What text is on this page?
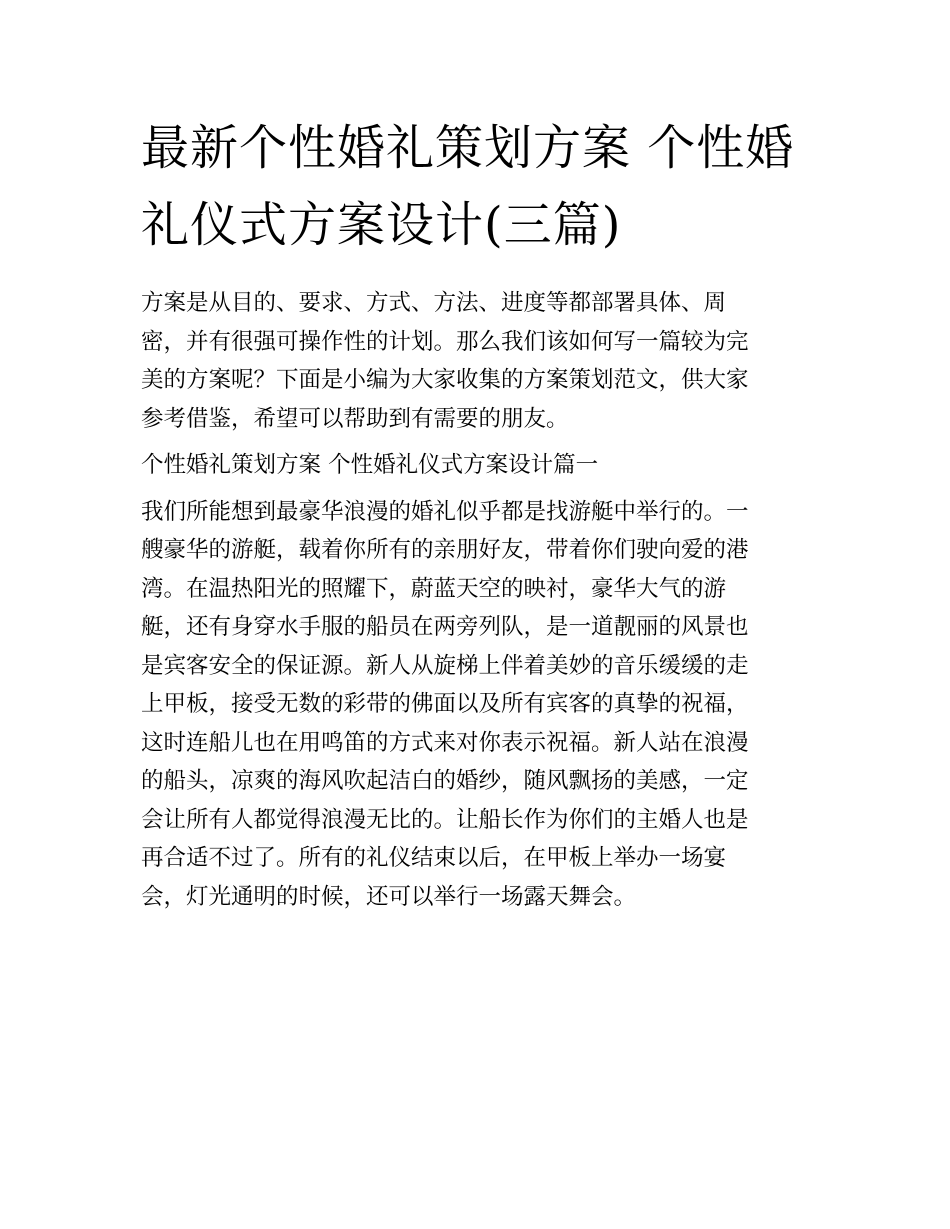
最新个性婚礼策划方案 个性婚
礼仪式方案设计(三篇)

方案是从目的、要求、方式、方法、进度等都部署具体、周
密，并有很强可操作性的计划。那么我们该如何写一篇较为完
美的方案呢？下面是小编为大家收集的方案策划范文，供大家
参考借鉴，希望可以帮助到有需要的朋友。

个性婚礼策划方案 个性婚礼仪式方案设计篇一

我们所能想到最豪华浪漫的婚礼似乎都是找游艇中举行的。一
艘豪华的游艇，载着你所有的亲朋好友，带着你们驶向爱的港
湾。在温热阳光的照耀下，蔚蓝天空的映衬，豪华大气的游
艇，还有身穿水手服的船员在两旁列队，是一道靓丽的风景也
是宾客安全的保证源。新人从旋梯上伴着美妙的音乐缓缓的走
上甲板，接受无数的彩带的佛面以及所有宾客的真挚的祝福，
这时连船儿也在用鸣笛的方式来对你表示祝福。新人站在浪漫
的船头，凉爽的海风吹起洁白的婚纱，随风飘扬的美感，一定
会让所有人都觉得浪漫无比的。让船长作为你们的主婚人也是
再合适不过了。所有的礼仪结束以后，在甲板上举办一场宴
会，灯光通明的时候，还可以举行一场露天舞会。
